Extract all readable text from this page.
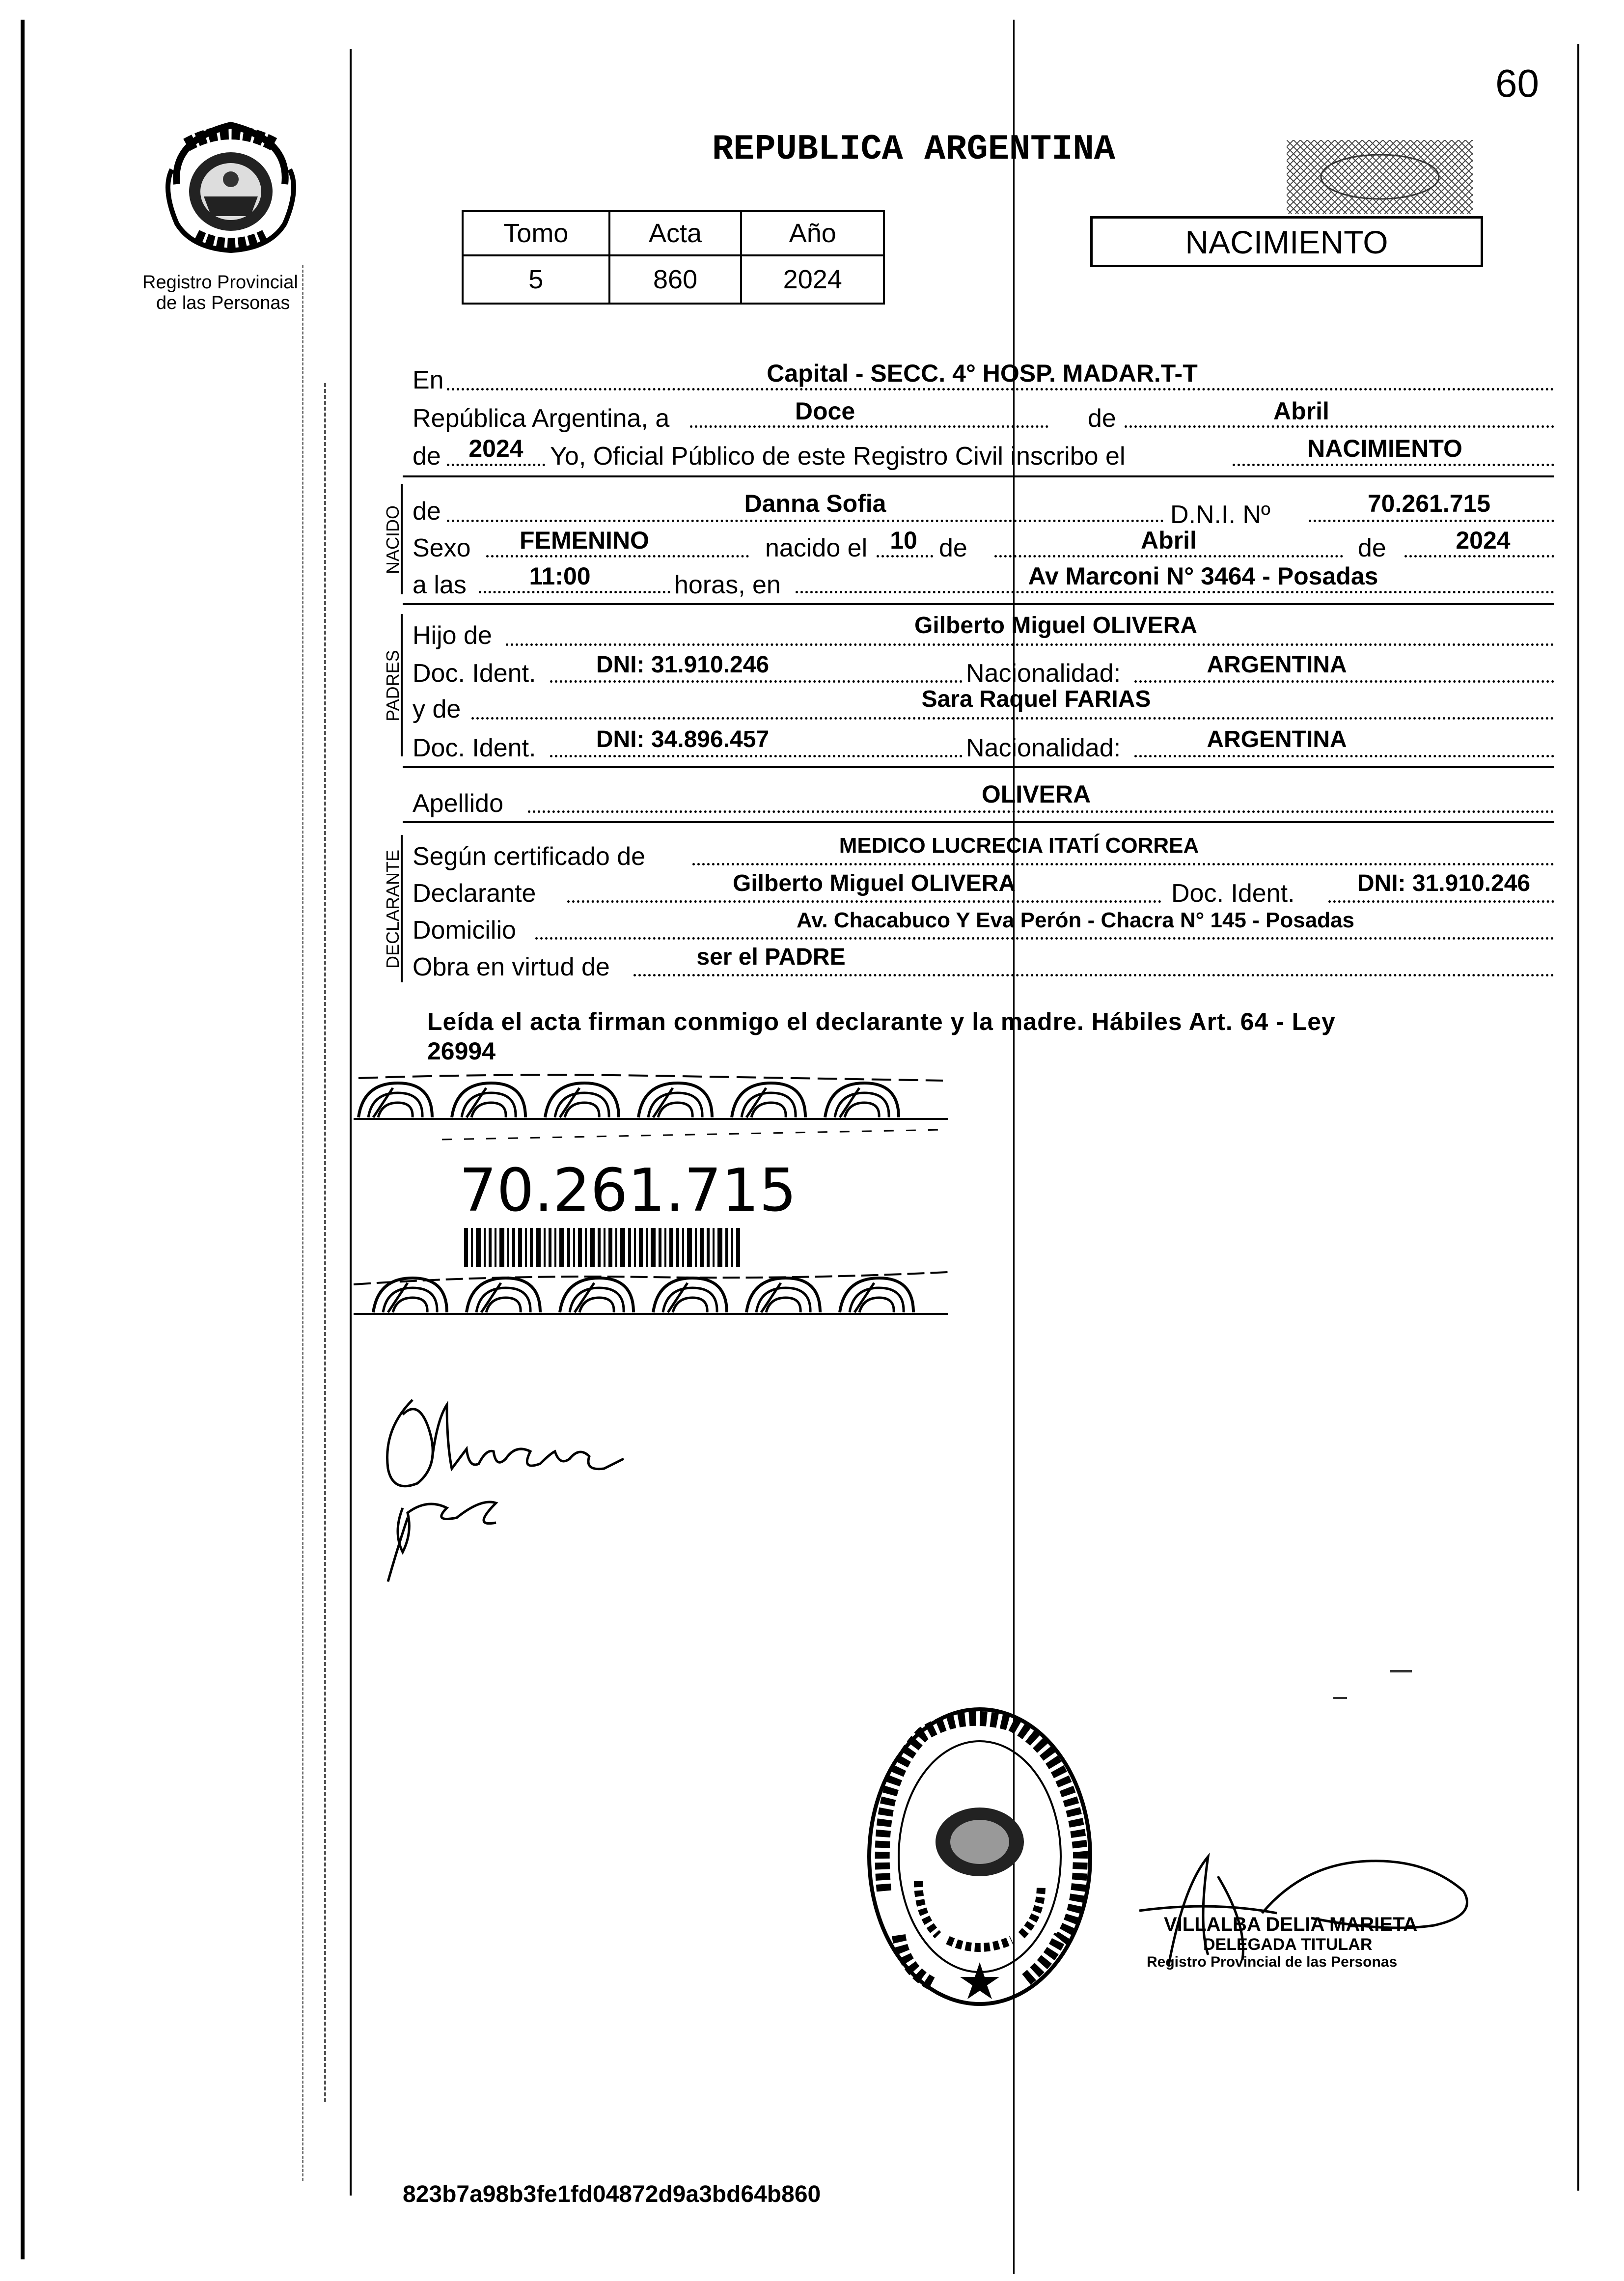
60
Registro Provincial
de las Personas
REPUBLICA ARGENTINA
Tomo	Acta	Año
5	860	2024
NACIMIENTO
En	Capital - SECC. 4° HOSP. MADAR.T-T
República Argentina, a	Doce	de	Abril
de	2024	Yo, Oficial Público de este Registro Civil inscribo el	NACIMIENTO
NACIDO de	Danna Sofia	D.N.I. Nº	70.261.715
Sexo	FEMENINO	nacido el 10 de	Abril	de	2024
a las	11:00	horas, en	Av Marconi N° 3464 - Posadas
PADRES
Hijo de	Gilberto Miguel OLIVERA
Doc. Ident.	DNI: 31.910.246	Nacionalidad:	ARGENTINA
y de	Sara Raquel FARIAS
Doc. Ident.	DNI: 34.896.457	Nacionalidad:	ARGENTINA
Apellido	OLIVERA
DECLARANTE Según certificado de	MEDICO LUCRECIA ITATÍ CORREA
Declarante	Gilberto Miguel OLIVERA	Doc. Ident.	DNI: 31.910.246
Domicilio	Av. Chacabuco Y Eva Perón - Chacra N° 145 - Posadas
Obra en virtud de	ser el PADRE
Leída el acta firman conmigo el declarante y la madre. Hábiles Art. 64 - Ley
26994
70.261.715
VILLALBA DELIA MARIETA
DELEGADA TITULAR
Registro Provincial de las Personas
823b7a98b3fe1fd04872d9a3bd64b860
